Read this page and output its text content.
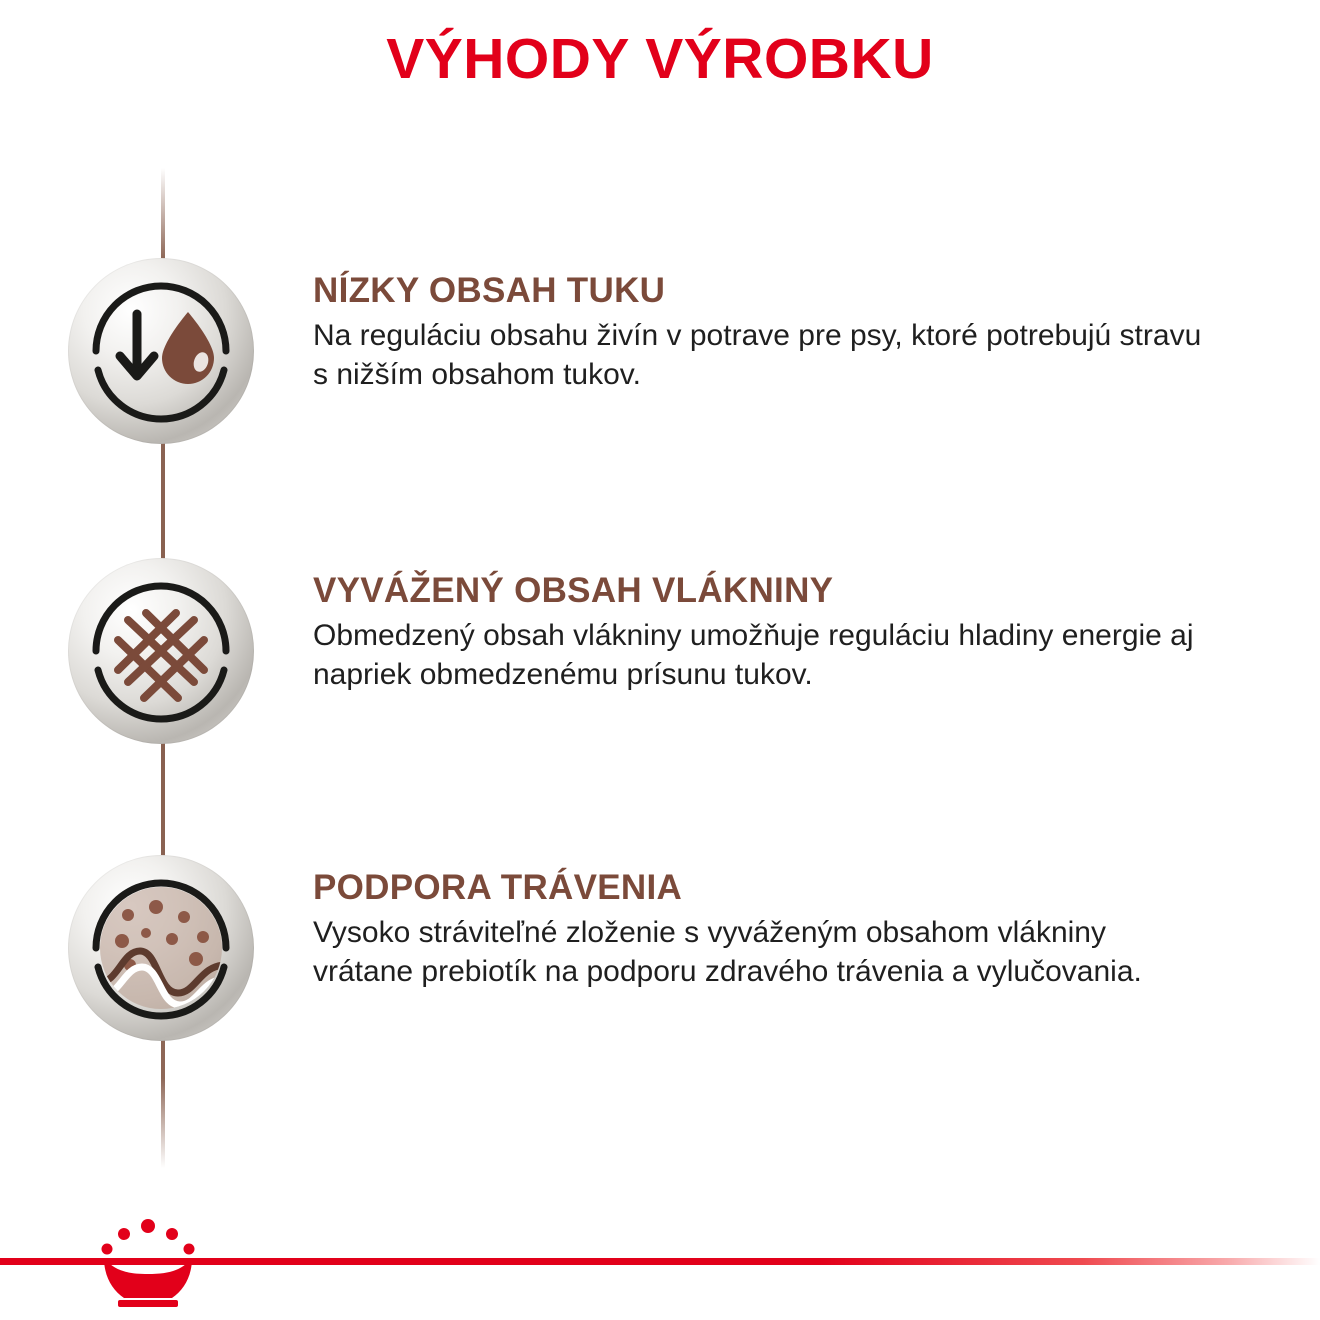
VÝHODY VÝROBKU

NÍZKY OBSAH TUKU

Na reguláciu obsahu živín v potrave pre psy, ktoré potrebujú stravu s nižším obsahom tukov.

VYVÁŽENÝ OBSAH VLÁKNINY

Obmedzený obsah vlákniny umožňuje reguláciu hladiny energie aj napriek obmedzenému prísunu tukov.

PODPORA TRÁVENIA

Vysoko stráviteľné zloženie s vyváženým obsahom vlákniny vrátane prebiotík na podporu zdravého trávenia a vylučovania.
